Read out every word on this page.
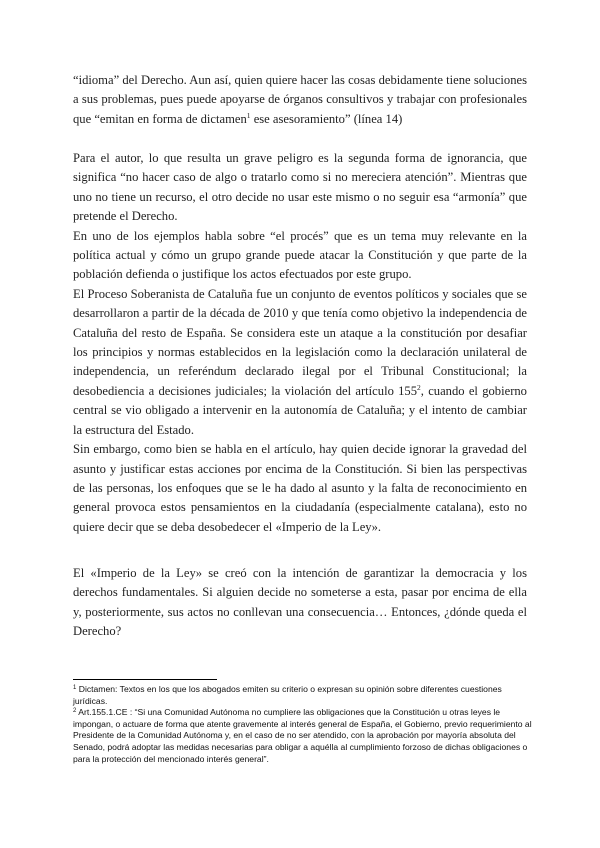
“idioma” del Derecho. Aun así, quien quiere hacer las cosas debidamente tiene soluciones a sus problemas, pues puede apoyarse de órganos consultivos y trabajar con profesionales que “emitan en forma de dictamen$^1$ ese asesoramiento” (línea 14)

Para el autor, lo que resulta un grave peligro es la segunda forma de ignorancia, que significa “no hacer caso de algo o tratarlo como si no mereciera atención”. Mientras que uno no tiene un recurso, el otro decide no usar este mismo o no seguir esa “armonía” que pretende el Derecho.

En uno de los ejemplos habla sobre “el procés” que es un tema muy relevante en la política actual y cómo un grupo grande puede atacar la Constitución y que parte de la población defienda o justifique los actos efectuados por este grupo.

El Proceso Soberanista de Cataluña fue un conjunto de eventos políticos y sociales que se desarrollaron a partir de la década de 2010 y que tenía como objetivo la independencia de Cataluña del resto de España. Se considera este un ataque a la constitución por desafiar los principios y normas establecidos en la legislación como la declaración unilateral de independencia, un referéndum declarado ilegal por el Tribunal Constitucional; la desobediencia a decisiones judiciales; la violación del artículo $155^2$, cuando el gobierno central se vio obligado a intervenir en la autonomía de Cataluña; y el intento de cambiar la estructura del Estado.

Sin embargo, como bien se habla en el artículo, hay quien decide ignorar la gravedad del asunto y justificar estas acciones por encima de la Constitución. Si bien las perspectivas de las personas, los enfoques que se le ha dado al asunto y la falta de reconocimiento en general provoca estos pensamientos en la ciudadanía (especialmente catalana), esto no quiere decir que se deba desobedecer el «Imperio de la Ley».

El «Imperio de la Ley» se creó con la intención de garantizar la democracia y los derechos fundamentales. Si alguien decide no someterse a esta, pasar por encima de ella y, posteriormente, sus actos no conllevan una consecuencia… Entonces, ¿dónde queda el Derecho?

$^1$ Dictamen: Textos en los que los abogados emiten su criterio o expresan su opinión sobre diferentes cuestiones jurídicas.

$^2$ Art.155.1.CE : “Si una Comunidad Autónoma no cumpliere las obligaciones que la Constitución u otras leyes le impongan, o actuare de forma que atente gravemente al interés general de España, el Gobierno, previo requerimiento al Presidente de la Comunidad Autónoma y, en el caso de no ser atendido, con la aprobación por mayoría absoluta del Senado, podrá adoptar las medidas necesarias para obligar a aquélla al cumplimiento forzoso de dichas obligaciones o para la protección del mencionado interés general”.
